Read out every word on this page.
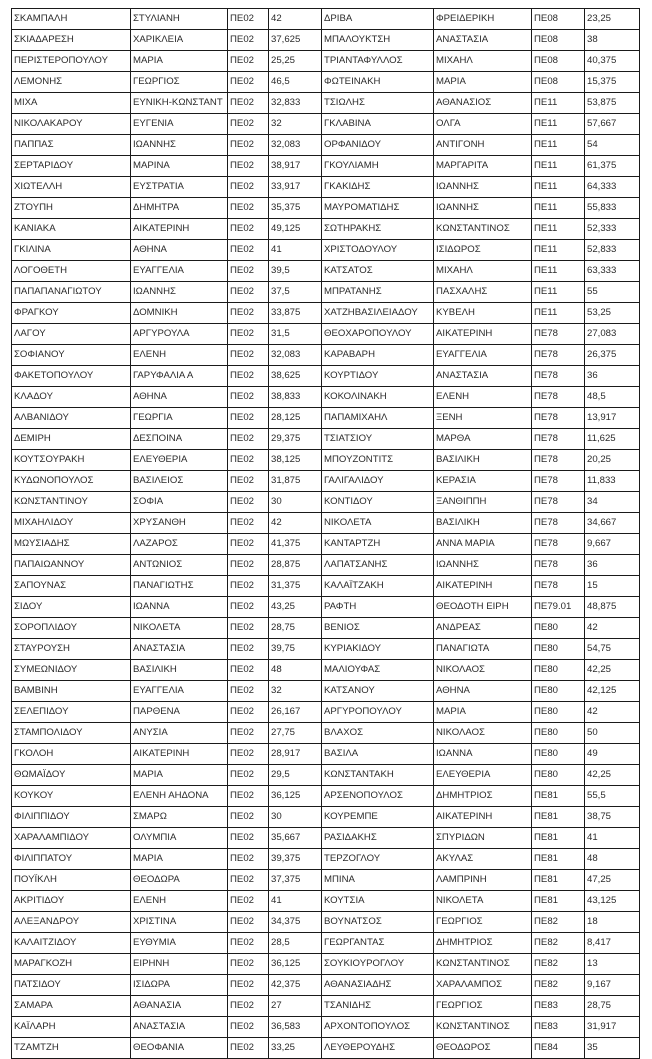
ΣΚΑΜΠΑΛΗ	ΣΤΥΛΙΑΝΗ	ΠΕ02	42	ΔΡΙΒΑ	ΦΡΕΙΔΕΡΙΚΗ	ΠΕ08	23,25
ΣΚΙΑΔΑΡΕΣΗ	ΧΑΡΙΚΛΕΙΑ	ΠΕ02	37,625	ΜΠΑΛΟΥΚΤΣΗ	ΑΝΑΣΤΑΣΙΑ	ΠΕ08	38
ΠΕΡΙΣΤΕΡΟΠΟΥΛΟΥ	ΜΑΡΙΑ	ΠΕ02	25,25	ΤΡΙΑΝΤΑΦΥΛΛΟΣ	ΜΙΧΑΗΛ	ΠΕ08	40,375
ΛΕΜΟΝΗΣ	ΓΕΩΡΓΙΟΣ	ΠΕ02	46,5	ΦΩΤΕΙΝΑΚΗ	ΜΑΡΙΑ	ΠΕ08	15,375
ΜΙΧΑ	ΕΥΝΙΚΗ-ΚΩΝΣΤΑΝΤ	ΠΕ02	32,833	ΤΣΙΩΛΗΣ	ΑΘΑΝΑΣΙΟΣ	ΠΕ11	53,875
ΝΙΚΟΛΑΚΑΡΟΥ	ΕΥΓΕΝΙΑ	ΠΕ02	32	ΓΚΛΑΒΙΝΑ	ΟΛΓΑ	ΠΕ11	57,667
ΠΑΠΠΑΣ	ΙΩΑΝΝΗΣ	ΠΕ02	32,083	ΟΡΦΑΝΙΔΟΥ	ΑΝΤΙΓΟΝΗ	ΠΕ11	54
ΣΕΡΤΑΡΙΔΟΥ	ΜΑΡΙΝΑ	ΠΕ02	38,917	ΓΚΟΥΛΙΑΜΗ	ΜΑΡΓΑΡΙΤΑ	ΠΕ11	61,375
ΧΙΩΤΕΛΛΗ	ΕΥΣΤΡΑΤΙΑ	ΠΕ02	33,917	ΓΚΑΚΙΔΗΣ	ΙΩΑΝΝΗΣ	ΠΕ11	64,333
ΖΤΟΥΠΗ	ΔΗΜΗΤΡΑ	ΠΕ02	35,375	ΜΑΥΡΟΜΑΤΙΔΗΣ	ΙΩΑΝΝΗΣ	ΠΕ11	55,833
ΚΑΝΙΑΚΑ	ΑΙΚΑΤΕΡΙΝΗ	ΠΕ02	49,125	ΣΩΤΗΡΑΚΗΣ	ΚΩΝΣΤΑΝΤΙΝΟΣ	ΠΕ11	52,333
ΓΚΙΛΙΝΑ	ΑΘΗΝΑ	ΠΕ02	41	ΧΡΙΣΤΟΔΟΥΛΟΥ	ΙΣΙΔΩΡΟΣ	ΠΕ11	52,833
ΛΟΓΟΘΕΤΗ	ΕΥΑΓΓΕΛΙΑ	ΠΕ02	39,5	ΚΑΤΣΑΤΟΣ	ΜΙΧΑΗΛ	ΠΕ11	63,333
ΠΑΠΑΠΑΝΑΓΙΩΤΟΥ	ΙΩΑΝΝΗΣ	ΠΕ02	37,5	ΜΠΡΑΤΑΝΗΣ	ΠΑΣΧΑΛΗΣ	ΠΕ11	55
ΦΡΑΓΚΟΥ	ΔΟΜΝΙΚΗ	ΠΕ02	33,875	ΧΑΤΖΗΒΑΣΙΛΕΙΑΔΟΥ	ΚΥΒΕΛΗ	ΠΕ11	53,25
ΛΑΓΟΥ	ΑΡΓΥΡΟΥΛΑ	ΠΕ02	31,5	ΘΕΟΧΑΡΟΠΟΥΛΟΥ	ΑΙΚΑΤΕΡΙΝΗ	ΠΕ78	27,083
ΣΟΦΙΑΝΟΥ	ΕΛΕΝΗ	ΠΕ02	32,083	ΚΑΡΑΒΑΡΗ	ΕΥΑΓΓΕΛΙΑ	ΠΕ78	26,375
ΦΑΚΕΤΟΠΟΥΛΟΥ	ΓΑΡΥΦΑΛΙΑ Α	ΠΕ02	38,625	ΚΟΥΡΤΙΔΟΥ	ΑΝΑΣΤΑΣΙΑ	ΠΕ78	36
ΚΛΑΔΟΥ	ΑΘΗΝΑ	ΠΕ02	38,833	ΚΟΚΟΛΙΝΑΚΗ	ΕΛΕΝΗ	ΠΕ78	48,5
ΑΛΒΑΝΙΔΟΥ	ΓΕΩΡΓΙΑ	ΠΕ02	28,125	ΠΑΠΑΜΙΧΑΗΛ	ΞΕΝΗ	ΠΕ78	13,917
ΔΕΜΙΡΗ	ΔΕΣΠΟΙΝΑ	ΠΕ02	29,375	ΤΣΙΑΤΣΙΟΥ	ΜΑΡΘΑ	ΠΕ78	11,625
ΚΟΥΤΣΟΥΡΑΚΗ	ΕΛΕΥΘΕΡΙΑ	ΠΕ02	38,125	ΜΠΟΥΖΟΝΤΙΤΣ	ΒΑΣΙΛΙΚΗ	ΠΕ78	20,25
ΚΥΔΩΝΟΠΟΥΛΟΣ	ΒΑΣΙΛΕΙΟΣ	ΠΕ02	31,875	ΓΑΛΙΓΑΛΙΔΟΥ	ΚΕΡΑΣΙΑ	ΠΕ78	11,833
ΚΩΝΣΤΑΝΤΙΝΟΥ	ΣΟΦΙΑ	ΠΕ02	30	ΚΟΝΤΙΔΟΥ	ΞΑΝΘΙΠΠΗ	ΠΕ78	34
ΜΙΧΑΗΛΙΔΟΥ	ΧΡΥΣΑΝΘΗ	ΠΕ02	42	ΝΙΚΟΛΕΤΑ	ΒΑΣΙΛΙΚΗ	ΠΕ78	34,667
ΜΩΥΣΙΑΔΗΣ	ΛΑΖΑΡΟΣ	ΠΕ02	41,375	ΚΑΝΤΑΡΤΖΗ	ΑΝΝΑ ΜΑΡΙΑ	ΠΕ78	9,667
ΠΑΠΑΙΩΑΝΝΟΥ	ΑΝΤΩΝΙΟΣ	ΠΕ02	28,875	ΛΑΠΑΤΣΑΝΗΣ	ΙΩΑΝΝΗΣ	ΠΕ78	36
ΣΑΠΟΥΝΑΣ	ΠΑΝΑΓΙΩΤΗΣ	ΠΕ02	31,375	ΚΑΛΑΪΤΖΑΚΗ	ΑΙΚΑΤΕΡΙΝΗ	ΠΕ78	15
ΣΙΔΟΥ	ΙΩΑΝΝΑ	ΠΕ02	43,25	ΡΑΦΤΗ	ΘΕΟΔΟΤΗ ΕΙΡΗ	ΠΕ79.01	48,875
ΣΟΡΟΠΛΙΔΟΥ	ΝΙΚΟΛΕΤΑ	ΠΕ02	28,75	ΒΕΝΙΟΣ	ΑΝΔΡΕΑΣ	ΠΕ80	42
ΣΤΑΥΡΟΥΣΗ	ΑΝΑΣΤΑΣΙΑ	ΠΕ02	39,75	ΚΥΡΙΑΚΙΔΟΥ	ΠΑΝΑΓΙΩΤΑ	ΠΕ80	54,75
ΣΥΜΕΩΝΙΔΟΥ	ΒΑΣΙΛΙΚΗ	ΠΕ02	48	ΜΑΛΙΟΥΦΑΣ	ΝΙΚΟΛΑΟΣ	ΠΕ80	42,25
ΒΑΜΒΙΝΗ	ΕΥΑΓΓΕΛΙΑ	ΠΕ02	32	ΚΑΤΣΑΝΟΥ	ΑΘΗΝΑ	ΠΕ80	42,125
ΣΕΛΕΠΙΔΟΥ	ΠΑΡΘΕΝΑ	ΠΕ02	26,167	ΑΡΓΥΡΟΠΟΥΛΟΥ	ΜΑΡΙΑ	ΠΕ80	42
ΣΤΑΜΠΟΛΙΔΟΥ	ΑΝΥΣΙΑ	ΠΕ02	27,75	ΒΛΑΧΟΣ	ΝΙΚΟΛΑΟΣ	ΠΕ80	50
ΓΚΟΛΟΗ	ΑΙΚΑΤΕΡΙΝΗ	ΠΕ02	28,917	ΒΑΣΙΛΑ	ΙΩΑΝΝΑ	ΠΕ80	49
ΘΩΜΑΪΔΟΥ	ΜΑΡΙΑ	ΠΕ02	29,5	ΚΩΝΣΤΑΝΤΑΚΗ	ΕΛΕΥΘΕΡΙΑ	ΠΕ80	42,25
ΚΟΥΚΟΥ	ΕΛΕΝΗ ΑΗΔΟΝΑ	ΠΕ02	36,125	ΑΡΣΕΝΟΠΟΥΛΟΣ	ΔΗΜΗΤΡΙΟΣ	ΠΕ81	55,5
ΦΙΛΙΠΠΙΔΟΥ	ΣΜΑΡΩ	ΠΕ02	30	ΚΟΥΡΕΜΠΕ	ΑΙΚΑΤΕΡΙΝΗ	ΠΕ81	38,75
ΧΑΡΑΛΑΜΠΙΔΟΥ	ΟΛΥΜΠΙΑ	ΠΕ02	35,667	ΡΑΣΙΔΑΚΗΣ	ΣΠΥΡΙΔΩΝ	ΠΕ81	41
ΦΙΛΙΠΠΑΤΟΥ	ΜΑΡΙΑ	ΠΕ02	39,375	ΤΕΡΖΟΓΛΟΥ	ΑΚΥΛΑΣ	ΠΕ81	48
ΠΟΥΪΚΛΗ	ΘΕΟΔΩΡΑ	ΠΕ02	37,375	ΜΠΙΝΑ	ΛΑΜΠΡΙΝΗ	ΠΕ81	47,25
ΑΚΡΙΤΙΔΟΥ	ΕΛΕΝΗ	ΠΕ02	41	ΚΟΥΤΣΙΑ	ΝΙΚΟΛΕΤΑ	ΠΕ81	43,125
ΑΛΕΞΑΝΔΡΟΥ	ΧΡΙΣΤΙΝΑ	ΠΕ02	34,375	ΒΟΥΝΑΤΣΟΣ	ΓΕΩΡΓΙΟΣ	ΠΕ82	18
ΚΑΛΑΙΤΖΙΔΟΥ	ΕΥΘΥΜΙΑ	ΠΕ02	28,5	ΓΕΩΡΓΑΝΤΑΣ	ΔΗΜΗΤΡΙΟΣ	ΠΕ82	8,417
ΜΑΡΑΓΚΟΖΗ	ΕΙΡΗΝΗ	ΠΕ02	36,125	ΣΟΥΚΙΟΥΡΟΓΛΟΥ	ΚΩΝΣΤΑΝΤΙΝΟΣ	ΠΕ82	13
ΠΑΤΣΙΔΟΥ	ΙΣΙΔΩΡΑ	ΠΕ02	42,375	ΑΘΑΝΑΣΙΑΔΗΣ	ΧΑΡΑΛΑΜΠΟΣ	ΠΕ82	9,167
ΣΑΜΑΡΑ	ΑΘΑΝΑΣΙΑ	ΠΕ02	27	ΤΣΑΝΙΔΗΣ	ΓΕΩΡΓΙΟΣ	ΠΕ83	28,75
ΚΑΪΛΑΡΗ	ΑΝΑΣΤΑΣΙΑ	ΠΕ02	36,583	ΑΡΧΟΝΤΟΠΟΥΛΟΣ	ΚΩΝΣΤΑΝΤΙΝΟΣ	ΠΕ83	31,917
ΤΖΑΜΤΖΗ	ΘΕΟΦΑΝΙΑ	ΠΕ02	33,25	ΛΕΥΘΕΡΟΥΔΗΣ	ΘΕΟΔΩΡΟΣ	ΠΕ84	35
